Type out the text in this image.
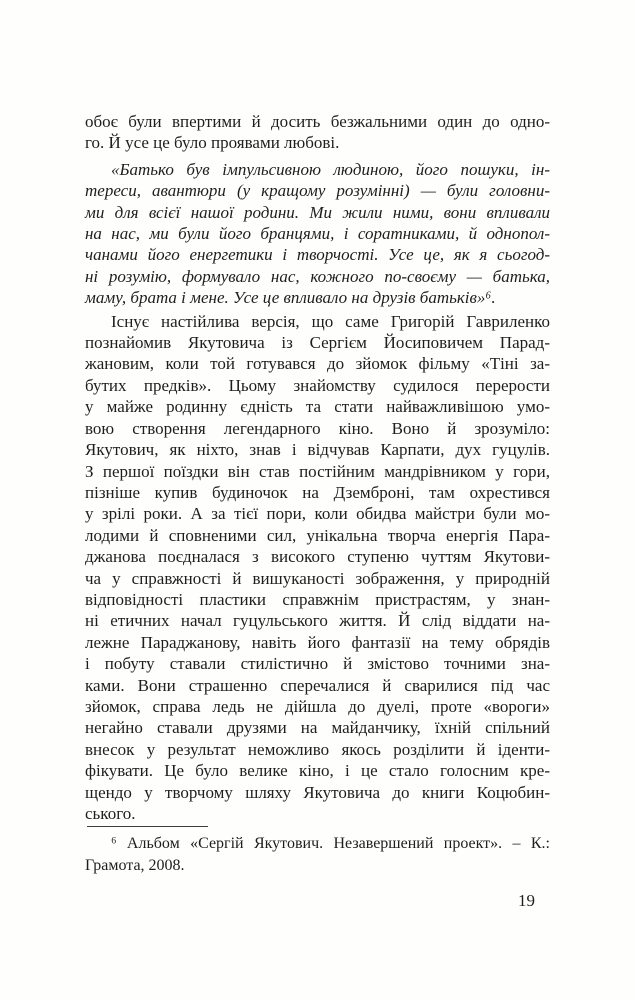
обоє були впертими й досить безжальними один до одно-
го. Й усе це було проявами любові.
«Батько був імпульсивною людиною, його пошуки, ін-
тереси, авантюри (у кращому розумінні) — були головни-
ми для всієї нашої родини. Ми жили ними, вони впливали
на нас, ми були його бранцями, і соратниками, й однопол-
чанами його енергетики і творчості. Усе це, як я сьогод-
ні розумію, формувало нас, кожного по-своєму — батька,
маму, брата і мене. Усе це впливало на друзів батьків»⁶.
Існує настійлива версія, що саме Григорій Гавриленко
познайомив Якутовича із Сергієм Йосиповичем Парад-
жановим, коли той готувався до зйомок фільму «Тіні за-
бутих предків». Цьому знайомству судилося перерости
у майже родинну єдність та стати найважливішою умо-
вою створення легендарного кіно. Воно й зрозуміло:
Якутович, як ніхто, знав і відчував Карпати, дух гуцулів.
З першої поїздки він став постійним мандрівником у гори,
пізніше купив будиночок на Дземброні, там охрестився
у зрілі роки. А за тієї пори, коли обидва майстри були мо-
лодими й сповненими сил, унікальна творча енергія Пара-
джанова поєдналася з високого ступеню чуттям Якутови-
ча у справжності й вишуканості зображення, у природній
відповідності пластики справжнім пристрастям, у знан-
ні етичних начал гуцульського життя. Й слід віддати на-
лежне Параджанову, навіть його фантазії на тему обрядів
і побуту ставали стилістично й змістово точними зна-
ками. Вони страшенно сперечалися й сварилися під час
зйомок, справа ледь не дійшла до дуелі, проте «вороги»
негайно ставали друзями на майданчику, їхній спільний
внесок у результат неможливо якось розділити й іденти-
фікувати. Це було велике кіно, і це стало голосним кре-
щендо у творчому шляху Якутовича до книги Коцюбин-
ського.
⁶ Альбом «Сергій Якутович. Незавершений проект». – К.:
Грамота, 2008.
19
